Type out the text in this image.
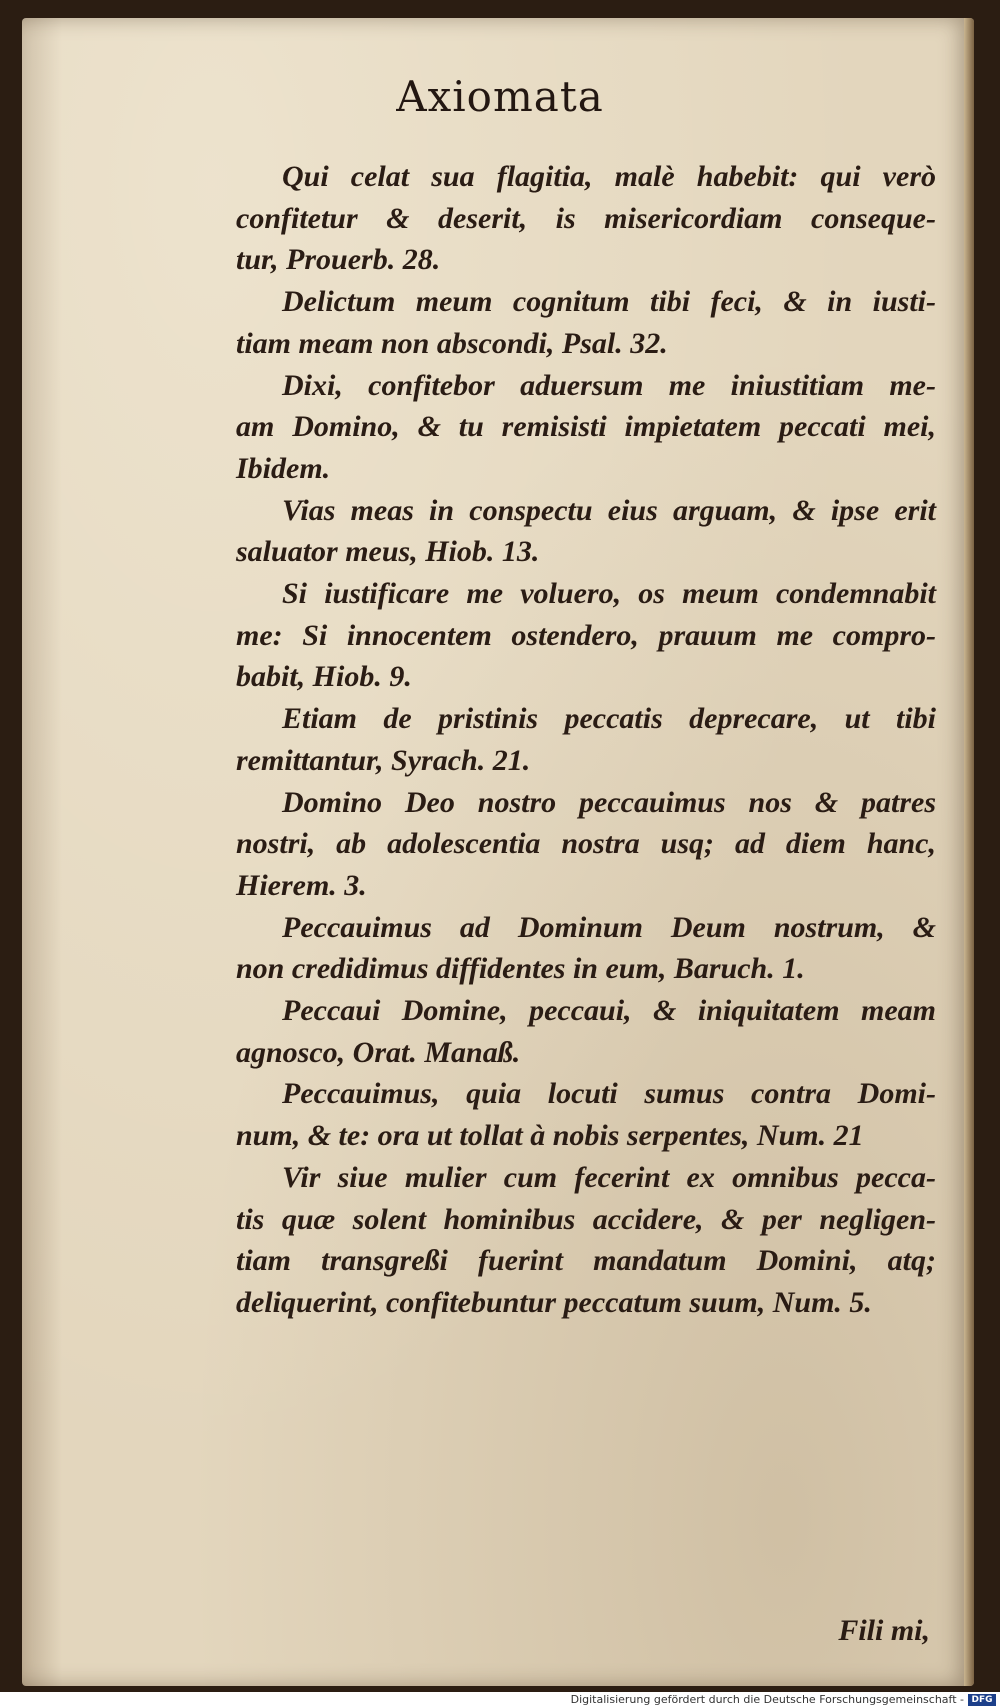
Axiomata
Qui celat sua flagitia, malè habebit: qui verò
confitetur & deserit, is misericordiam conseque-
tur, Prouerb. 28.
Delictum meum cognitum tibi feci, & in iusti-
tiam meam non abscondi, Psal. 32.
Dixi, confitebor aduersum me iniustitiam me-
am Domino, & tu remisisti impietatem peccati mei,
Ibidem.
Vias meas in conspectu eius arguam, & ipse erit
saluator meus, Hiob. 13.
Si iustificare me voluero, os meum condemnabit
me: Si innocentem ostendero, prauum me compro-
babit, Hiob. 9.
Etiam de pristinis peccatis deprecare, ut tibi
remittantur, Syrach. 21.
Domino Deo nostro peccauimus nos & patres
nostri, ab adolescentia nostra usq; ad diem hanc,
Hierem. 3.
Peccauimus ad Dominum Deum nostrum, &
non credidimus diffidentes in eum, Baruch. 1.
Peccaui Domine, peccaui, & iniquitatem meam
agnosco, Orat. Manaß.
Peccauimus, quia locuti sumus contra Domi-
num, & te: ora ut tollat à nobis serpentes, Num. 21
Vir siue mulier cum fecerint ex omnibus pecca-
tis quæ solent hominibus accidere, & per negligen-
tiam transgreßi fuerint mandatum Domini, atq;
deliquerint, confitebuntur peccatum suum, Num. 5.
Fili mi,
Digitalisierung gefördert durch die Deutsche Forschungsgemeinschaft - DFG
